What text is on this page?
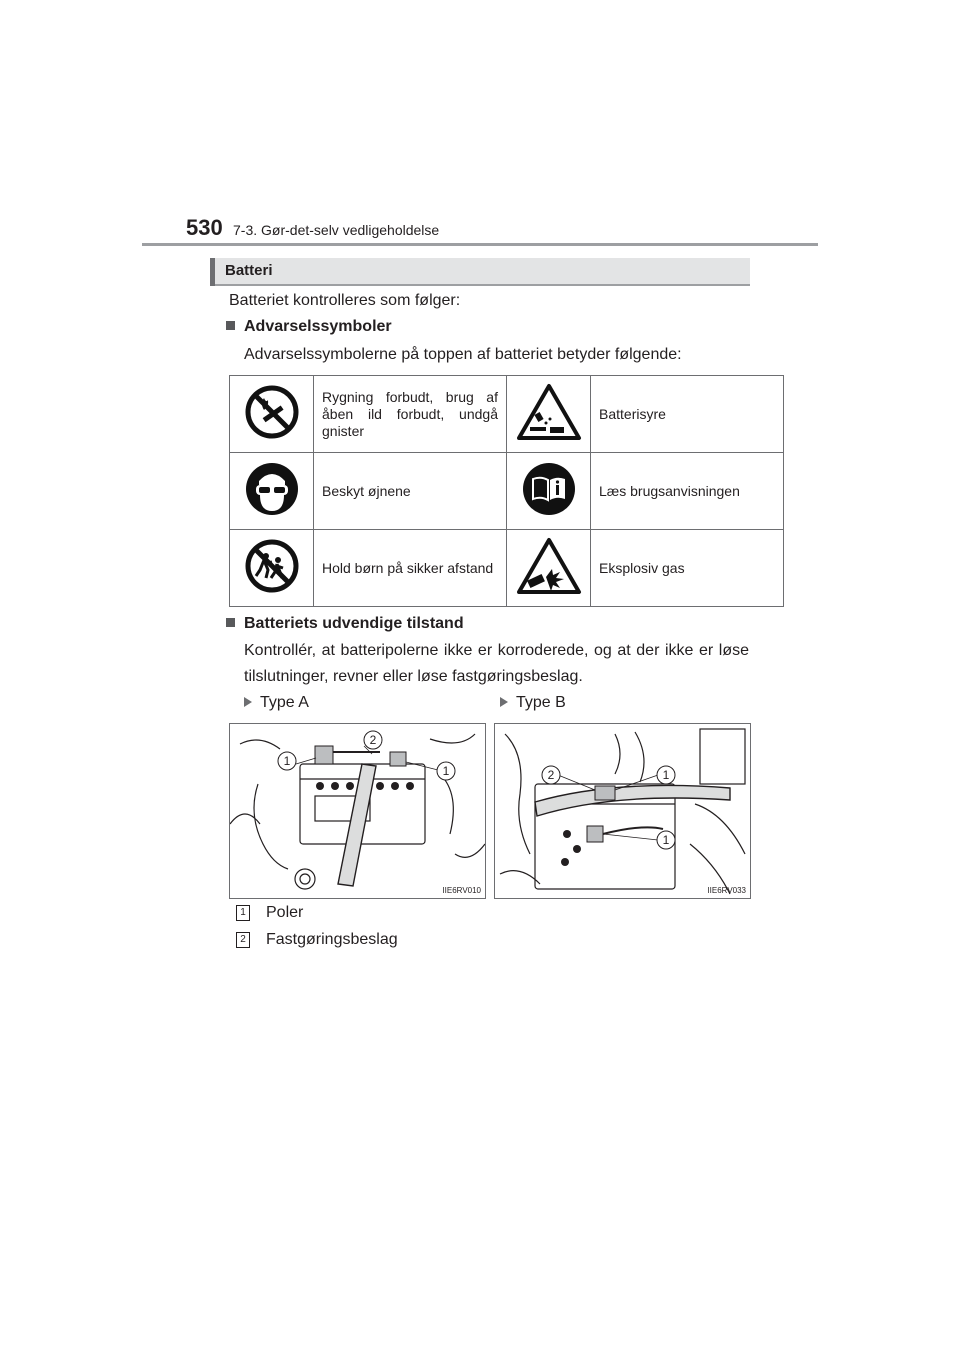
530 7-3. Gør-det-selv vedligeholdelse
Batteri
Batteriet kontrolleres som følger:
Advarselssymboler
Advarselssymbolerne på toppen af batteriet betyder følgende:
	Rygning forbudt, brug af åben ild forbudt, undgå gnister		Batterisyre
	Beskyt øjnene		Læs brugsanvisningen
	Hold børn på sikker afstand		Eksplosiv gas
Batteriets udvendige tilstand
Kontrollér, at batteripolerne ikke er korroderede, og at der ikke er løse tilslutninger, revner eller løse fastgøringsbeslag.
Type A	Type B
1
2
1
IIE6RV010
2	1
1
IIE6RV033
1 Poler
2 Fastgøringsbeslag
